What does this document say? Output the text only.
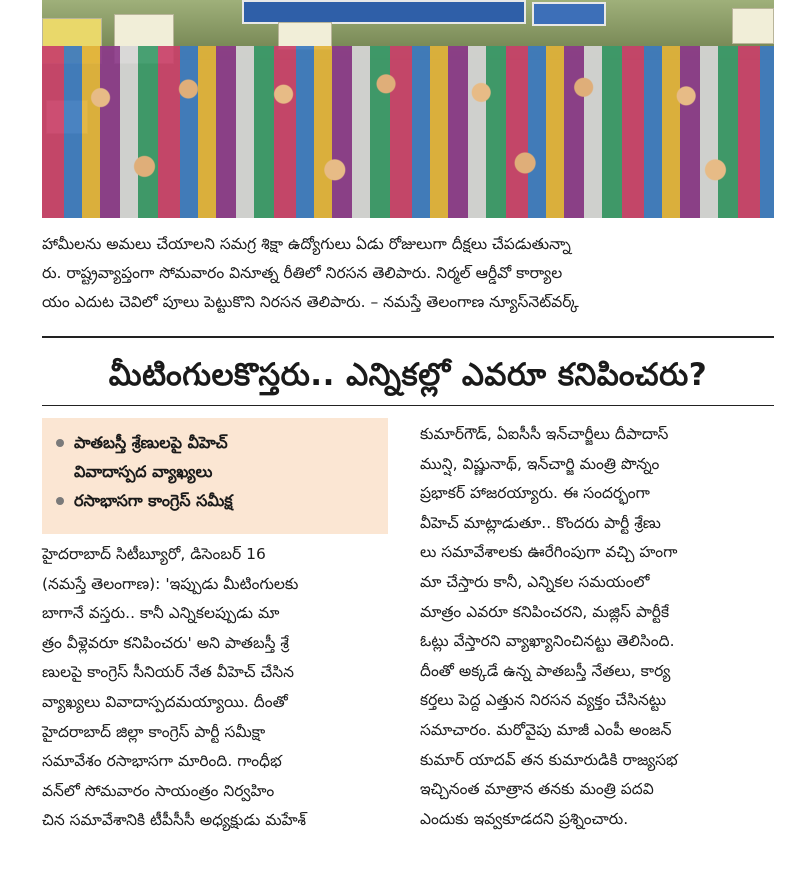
హామీలను అమలు చేయాలని సమగ్ర శిక్షా ఉద్యోగులు ఏడు రోజులుగా దీక్షలు చేపడుతున్నా

రు. రాష్ట్రవ్యాప్తంగా సోమవారం వినూత్న రీతిలో నిరసన తెలిపారు. నిర్మల్ ఆర్డీవో కార్యాల

యం ఎదుట చెవిలో పూలు పెట్టుకొని నిరసన తెలిపారు. – నమస్తే తెలంగాణ న్యూస్‌నెట్‌వర్క్

మీటింగులకొస్తరు.. ఎన్నికల్లో ఎవరూ కనిపించరు?
పాతబస్తీ శ్రేణులపై వీహెచ్
వివాదాస్పద వ్యాఖ్యలు
రసాభాసగా కాంగ్రెస్ సమీక్ష

హైదరాబాద్ సిటీబ్యూరో, డిసెంబర్ 16

(నమస్తే తెలంగాణ): 'ఇప్పుడు మీటింగులకు

బాగానే వస్తరు.. కానీ ఎన్నికలప్పుడు మా

త్రం వీళ్లెవరూ కనిపించరు' అని పాతబస్తీ శ్రే

ణులపై కాంగ్రెస్ సీనియర్ నేత వీహెచ్ చేసిన

వ్యాఖ్యలు వివాదాస్పదమయ్యాయి. దీంతో

హైదరాబాద్ జిల్లా కాంగ్రెస్ పార్టీ సమీక్షా

సమావేశం రసాభాసగా మారింది. గాంధీభ

వన్‌లో సోమవారం సాయంత్రం నిర్వహిం

చిన సమావేశానికి టీపీసీసీ అధ్యక్షుడు మహేశ్

కుమార్‌గౌడ్, ఏఐసీసీ ఇన్‌చార్జీలు దీపాదాస్

మున్షి, విష్ణునాథ్, ఇన్‌చార్జి మంత్రి పొన్నం

ప్రభాకర్ హాజరయ్యారు. ఈ సందర్భంగా

వీహెచ్ మాట్లాడుతూ.. కొందరు పార్టీ శ్రేణు

లు సమావేశాలకు ఊరేగింపుగా వచ్చి హంగా

మా చేస్తారు కానీ, ఎన్నికల సమయంలో

మాత్రం ఎవరూ కనిపించరని, మజ్లిస్ పార్టీకే

ఓట్లు వేస్తారని వ్యాఖ్యానించినట్టు తెలిసింది.

దీంతో అక్కడే ఉన్న పాతబస్తీ నేతలు, కార్య

కర్తలు పెద్ద ఎత్తున నిరసన వ్యక్తం చేసినట్టు

సమాచారం. మరోవైపు మాజీ ఎంపీ అంజన్

కుమార్ యాదవ్ తన కుమారుడికి రాజ్యసభ

ఇచ్చినంత మాత్రాన తనకు మంత్రి పదవి

ఎందుకు ఇవ్వకూడదని ప్రశ్నించారు.
